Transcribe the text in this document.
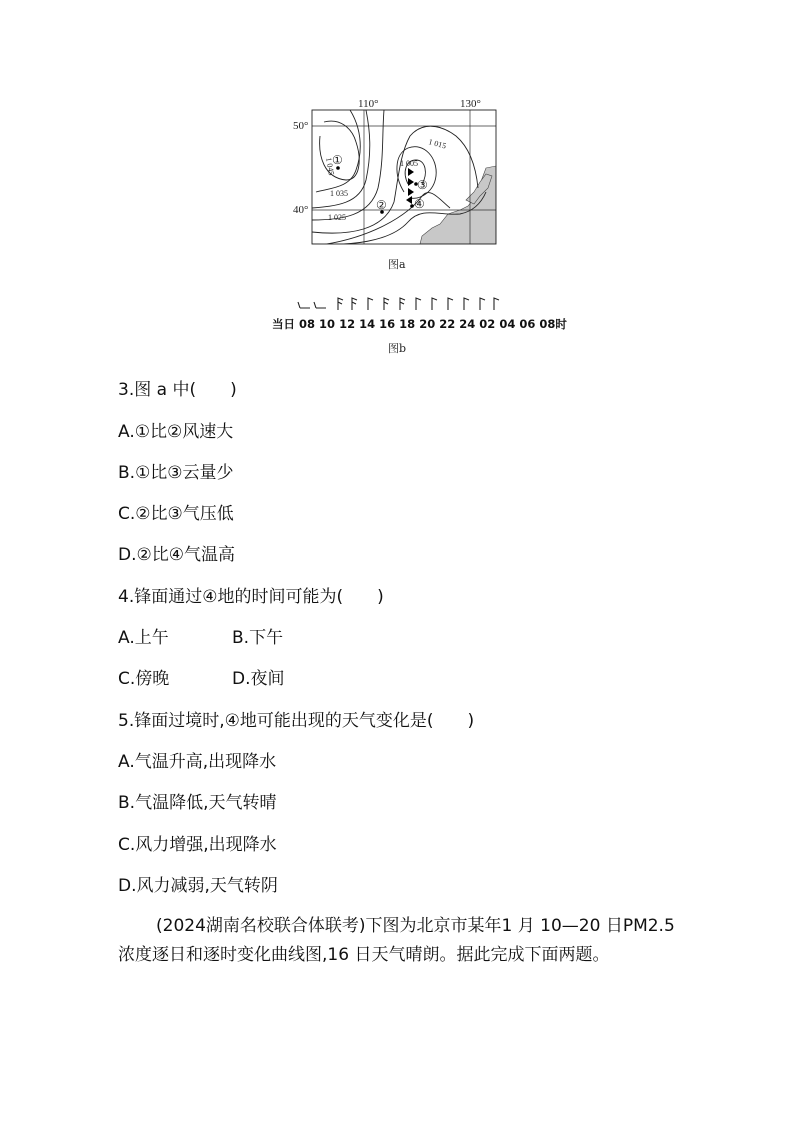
110°	130°
50°
40°
1 045
1 035
1 025
1 015
1 005
①
②
③
④
图a
当日 08 10 12 14 16 18 20 22 24 02 04 06 08时
图b
3.图 a 中(　　)
A.①比②风速大
B.①比③云量少
C.②比③气压低
D.②比④气温高
4.锋面通过④地的时间可能为(　　)
A.上午	B.下午
C.傍晚	D.夜间
5.锋面过境时,④地可能出现的天气变化是(　　)
A.气温升高,出现降水
B.气温降低,天气转晴
C.风力增强,出现降水
D.风力减弱,天气转阴
(2024湖南名校联合体联考)下图为北京市某年1 月 10—20 日PM2.5浓度逐日和逐时变化曲线图,16 日天气晴朗。据此完成下面两题。
